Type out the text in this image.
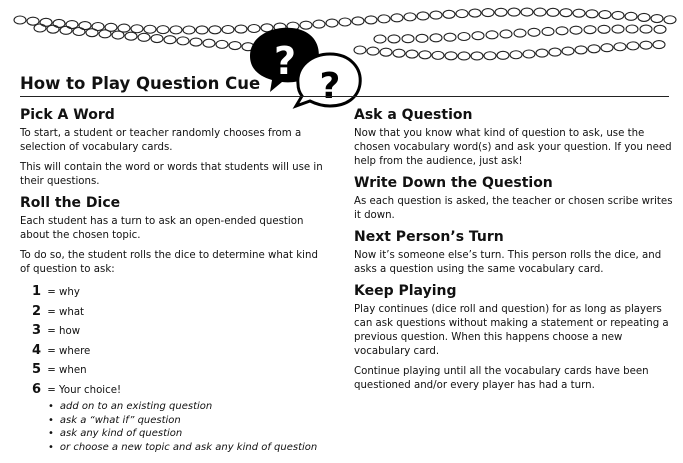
?
?
How to Play Question Cue
Pick A Word

To start, a student or teacher randomly chooses from a selection of vocabulary cards.

This will contain the word or words that students will use in their questions.

Roll the Dice

Each student has a turn to ask an open-ended question about the chosen topic.

To do so, the student rolls the dice to determine what kind of question to ask:

1 = why
2 = what
3 = how
4 = where
5 = when
6 = Your choice!
• add on to an existing question
• ask a “what if” question
• ask any kind of question
• or choose a new topic and ask any kind of question
Ask a Question

Now that you know what kind of question to ask, use the chosen vocabulary word(s) and ask your question. If you need help from the audience, just ask!

Write Down the Question

As each question is asked, the teacher or chosen scribe writes it down.

Next Person’s Turn

Now it’s someone else’s turn. This person rolls the dice, and asks a question using the same vocabulary card.

Keep Playing

Play continues (dice roll and question) for as long as players can ask questions without making a statement or repeating a previous question. When this happens choose a new vocabulary card.

Continue playing until all the vocabulary cards have been questioned and/or every player has had a turn.
